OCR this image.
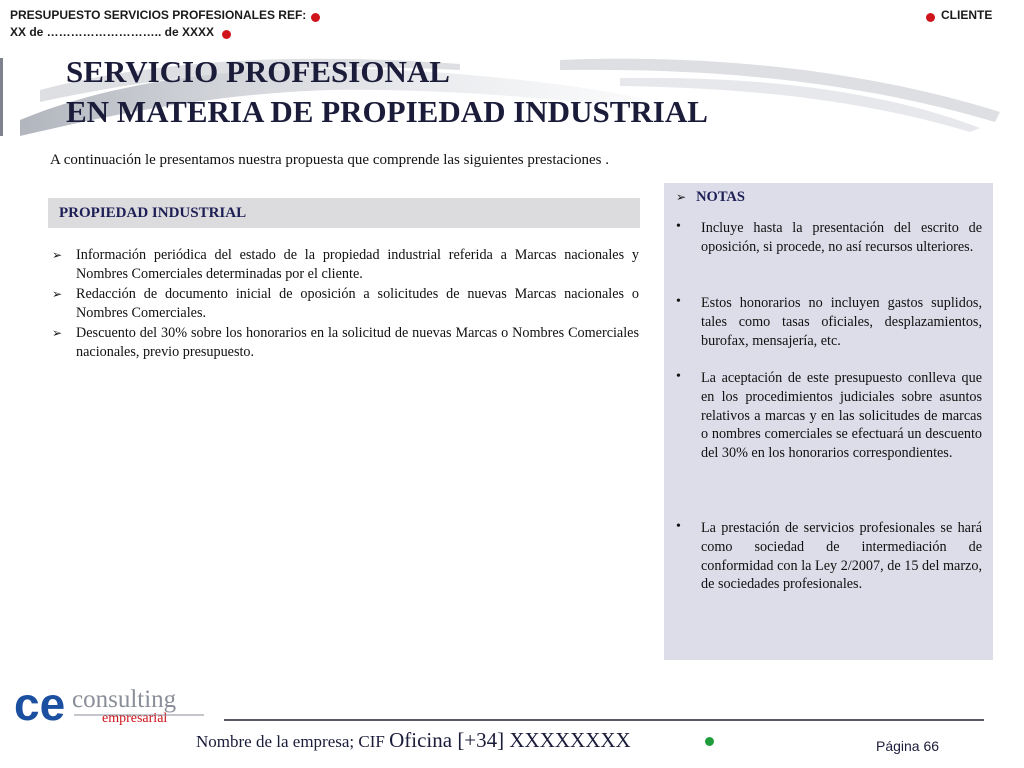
PRESUPUESTO SERVICIOS PROFESIONALES REF:
XX de ……………………….. de XXXX
CLIENTE
SERVICIO PROFESIONAL
EN MATERIA DE PROPIEDAD INDUSTRIAL
A continuación le presentamos nuestra propuesta que comprende las siguientes prestaciones .
PROPIEDAD INDUSTRIAL
➢ Información periódica del estado de la propiedad industrial referida a Marcas nacionales y Nombres Comerciales determinadas por el cliente.
➢ Redacción de documento inicial de oposición a solicitudes de nuevas Marcas nacionales o Nombres Comerciales.
➢ Descuento del 30% sobre los honorarios en la solicitud de nuevas Marcas o Nombres Comerciales nacionales, previo presupuesto.
➢ NOTAS
• Incluye hasta la presentación del escrito de oposición, si procede, no así recursos ulteriores.
• Estos honorarios no incluyen gastos suplidos, tales como tasas oficiales, desplazamientos, burofax, mensajería, etc.
• La aceptación de este presupuesto conlleva que en los procedimientos judiciales sobre asuntos relativos a marcas y en las solicitudes de marcas o nombres comerciales se efectuará un descuento del 30% en los honorarios correspondientes.
• La prestación de servicios profesionales se hará como sociedad de intermediación de conformidad con la Ley 2/2007, de 15 del marzo, de sociedades profesionales.
ce consulting
empresarial
Nombre de la empresa; CIF Oficina [+34] XXXXXXXX	Página 66
